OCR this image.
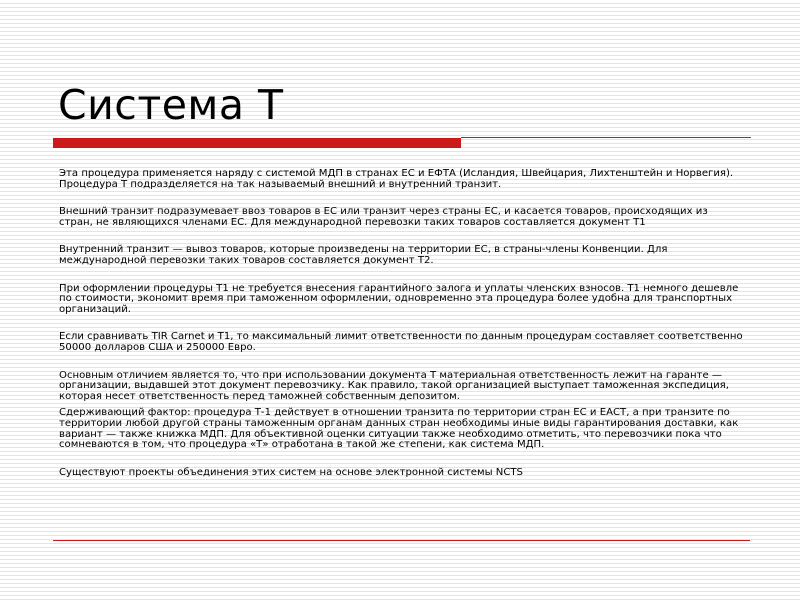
Система Т

Эта процедура применяется наряду с системой МДП в странах ЕС и ЕФТА (Исландия, Швейцария, Лихтенштейн и Норвегия). Процедура Т подразделяется на так называемый внешний и внутренний транзит.

Внешний транзит подразумевает ввоз товаров в ЕС или транзит через страны ЕС, и касается товаров, происходящих из стран, не являющихся членами ЕС. Для международной перевозки таких товаров составляется документ Т1

Внутренний транзит — вывоз товаров, которые произведены на территории ЕС, в страны-члены Конвенции. Для международной перевозки таких товаров составляется документ Т2.

При оформлении процедуры Т1 не требуется внесения гарантийного залога и уплаты членских взносов. Т1 немного дешевле по стоимости, экономит время при таможенном оформлении, одновременно эта процедура более удобна для транспортных организаций.

Если сравнивать TIR Carnet и Т1, то максимальный лимит ответственности по данным процедурам составляет соответственно 50000 долларов США и 250000 Евро.

Основным отличием является то, что при использовании документа Т материальная ответственность лежит на гаранте — организации, выдавшей этот документ перевозчику. Как правило, такой организацией выступает таможенная экспедиция, которая несет ответственность перед таможней собственным депозитом.

Сдерживающий фактор: процедура Т-1 действует в отношении транзита по территории стран ЕС и ЕАСТ, а при транзите по территории любой другой страны таможенным органам данных стран необходимы иные виды гарантирования доставки, как вариант — также книжка МДП. Для объективной оценки ситуации также необходимо отметить, что перевозчики пока что сомневаются в том, что процедура «Т» отработана в такой же степени, как система МДП.

Существуют проекты объединения этих систем на основе электронной системы NCTS
